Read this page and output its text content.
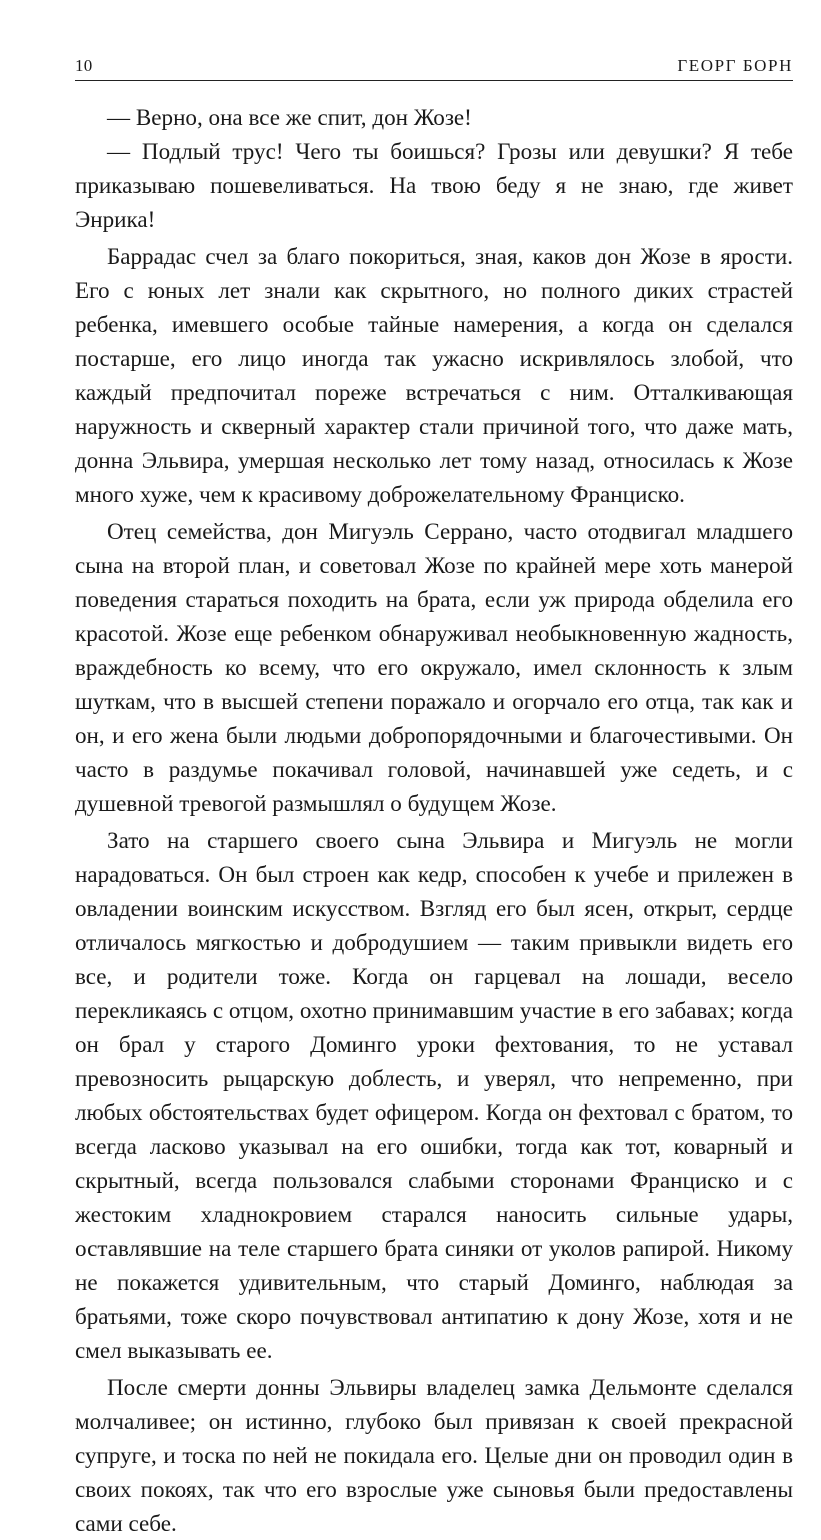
10	ГЕОРГ БОРН

— Верно, она все же спит, дон Жозе!

— Подлый трус! Чего ты боишься? Грозы или девушки? Я тебе приказываю пошевеливаться. На твою беду я не знаю, где живет Энрика!

Баррадас счел за благо покориться, зная, каков дон Жозе в ярости. Его с юных лет знали как скрытного, но полного диких страстей ребенка, имевшего особые тайные намерения, а когда он сделался постарше, его лицо иногда так ужасно искривлялось злобой, что каждый предпочитал пореже встречаться с ним. Отталкивающая наружность и скверный характер стали причиной того, что даже мать, донна Эльвира, умершая несколько лет тому назад, относилась к Жозе много хуже, чем к красивому доброжелательному Франциско.

Отец семейства, дон Мигуэль Серрано, часто отодвигал младшего сына на второй план, и советовал Жозе по крайней мере хоть манерой поведения стараться походить на брата, если уж природа обделила его красотой. Жозе еще ребенком обнаруживал необыкновенную жадность, враждебность ко всему, что его окружало, имел склонность к злым шуткам, что в высшей степени поражало и огорчало его отца, так как и он, и его жена были людьми добропорядочными и благочестивыми. Он часто в раздумье покачивал головой, начинавшей уже седеть, и с душевной тревогой размышлял о будущем Жозе.

Зато на старшего своего сына Эльвира и Мигуэль не могли нарадоваться. Он был строен как кедр, способен к учебе и прилежен в овладении воинским искусством. Взгляд его был ясен, открыт, сердце отличалось мягкостью и добродушием — таким привыкли видеть его все, и родители тоже. Когда он гарцевал на лошади, весело перекликаясь с отцом, охотно принимавшим участие в его забавах; когда он брал у старого Доминго уроки фехтования, то не уставал превозносить рыцарскую доблесть, и уверял, что непременно, при любых обстоятельствах будет офицером. Когда он фехтовал с братом, то всегда ласково указывал на его ошибки, тогда как тот, коварный и скрытный, всегда пользовался слабыми сторонами Франциско и с жестоким хладнокровием старался наносить сильные удары, оставлявшие на теле старшего брата синяки от уколов рапирой. Никому не покажется удивительным, что старый Доминго, наблюдая за братьями, тоже скоро почувствовал антипатию к дону Жозе, хотя и не смел выказывать ее.

После смерти донны Эльвиры владелец замка Дельмонте сделался молчаливее; он истинно, глубоко был привязан к своей прекрасной супруге, и тоска по ней не покидала его. Целые дни он проводил один в своих покоях, так что его взрослые уже сыновья были предоставлены сами себе.
